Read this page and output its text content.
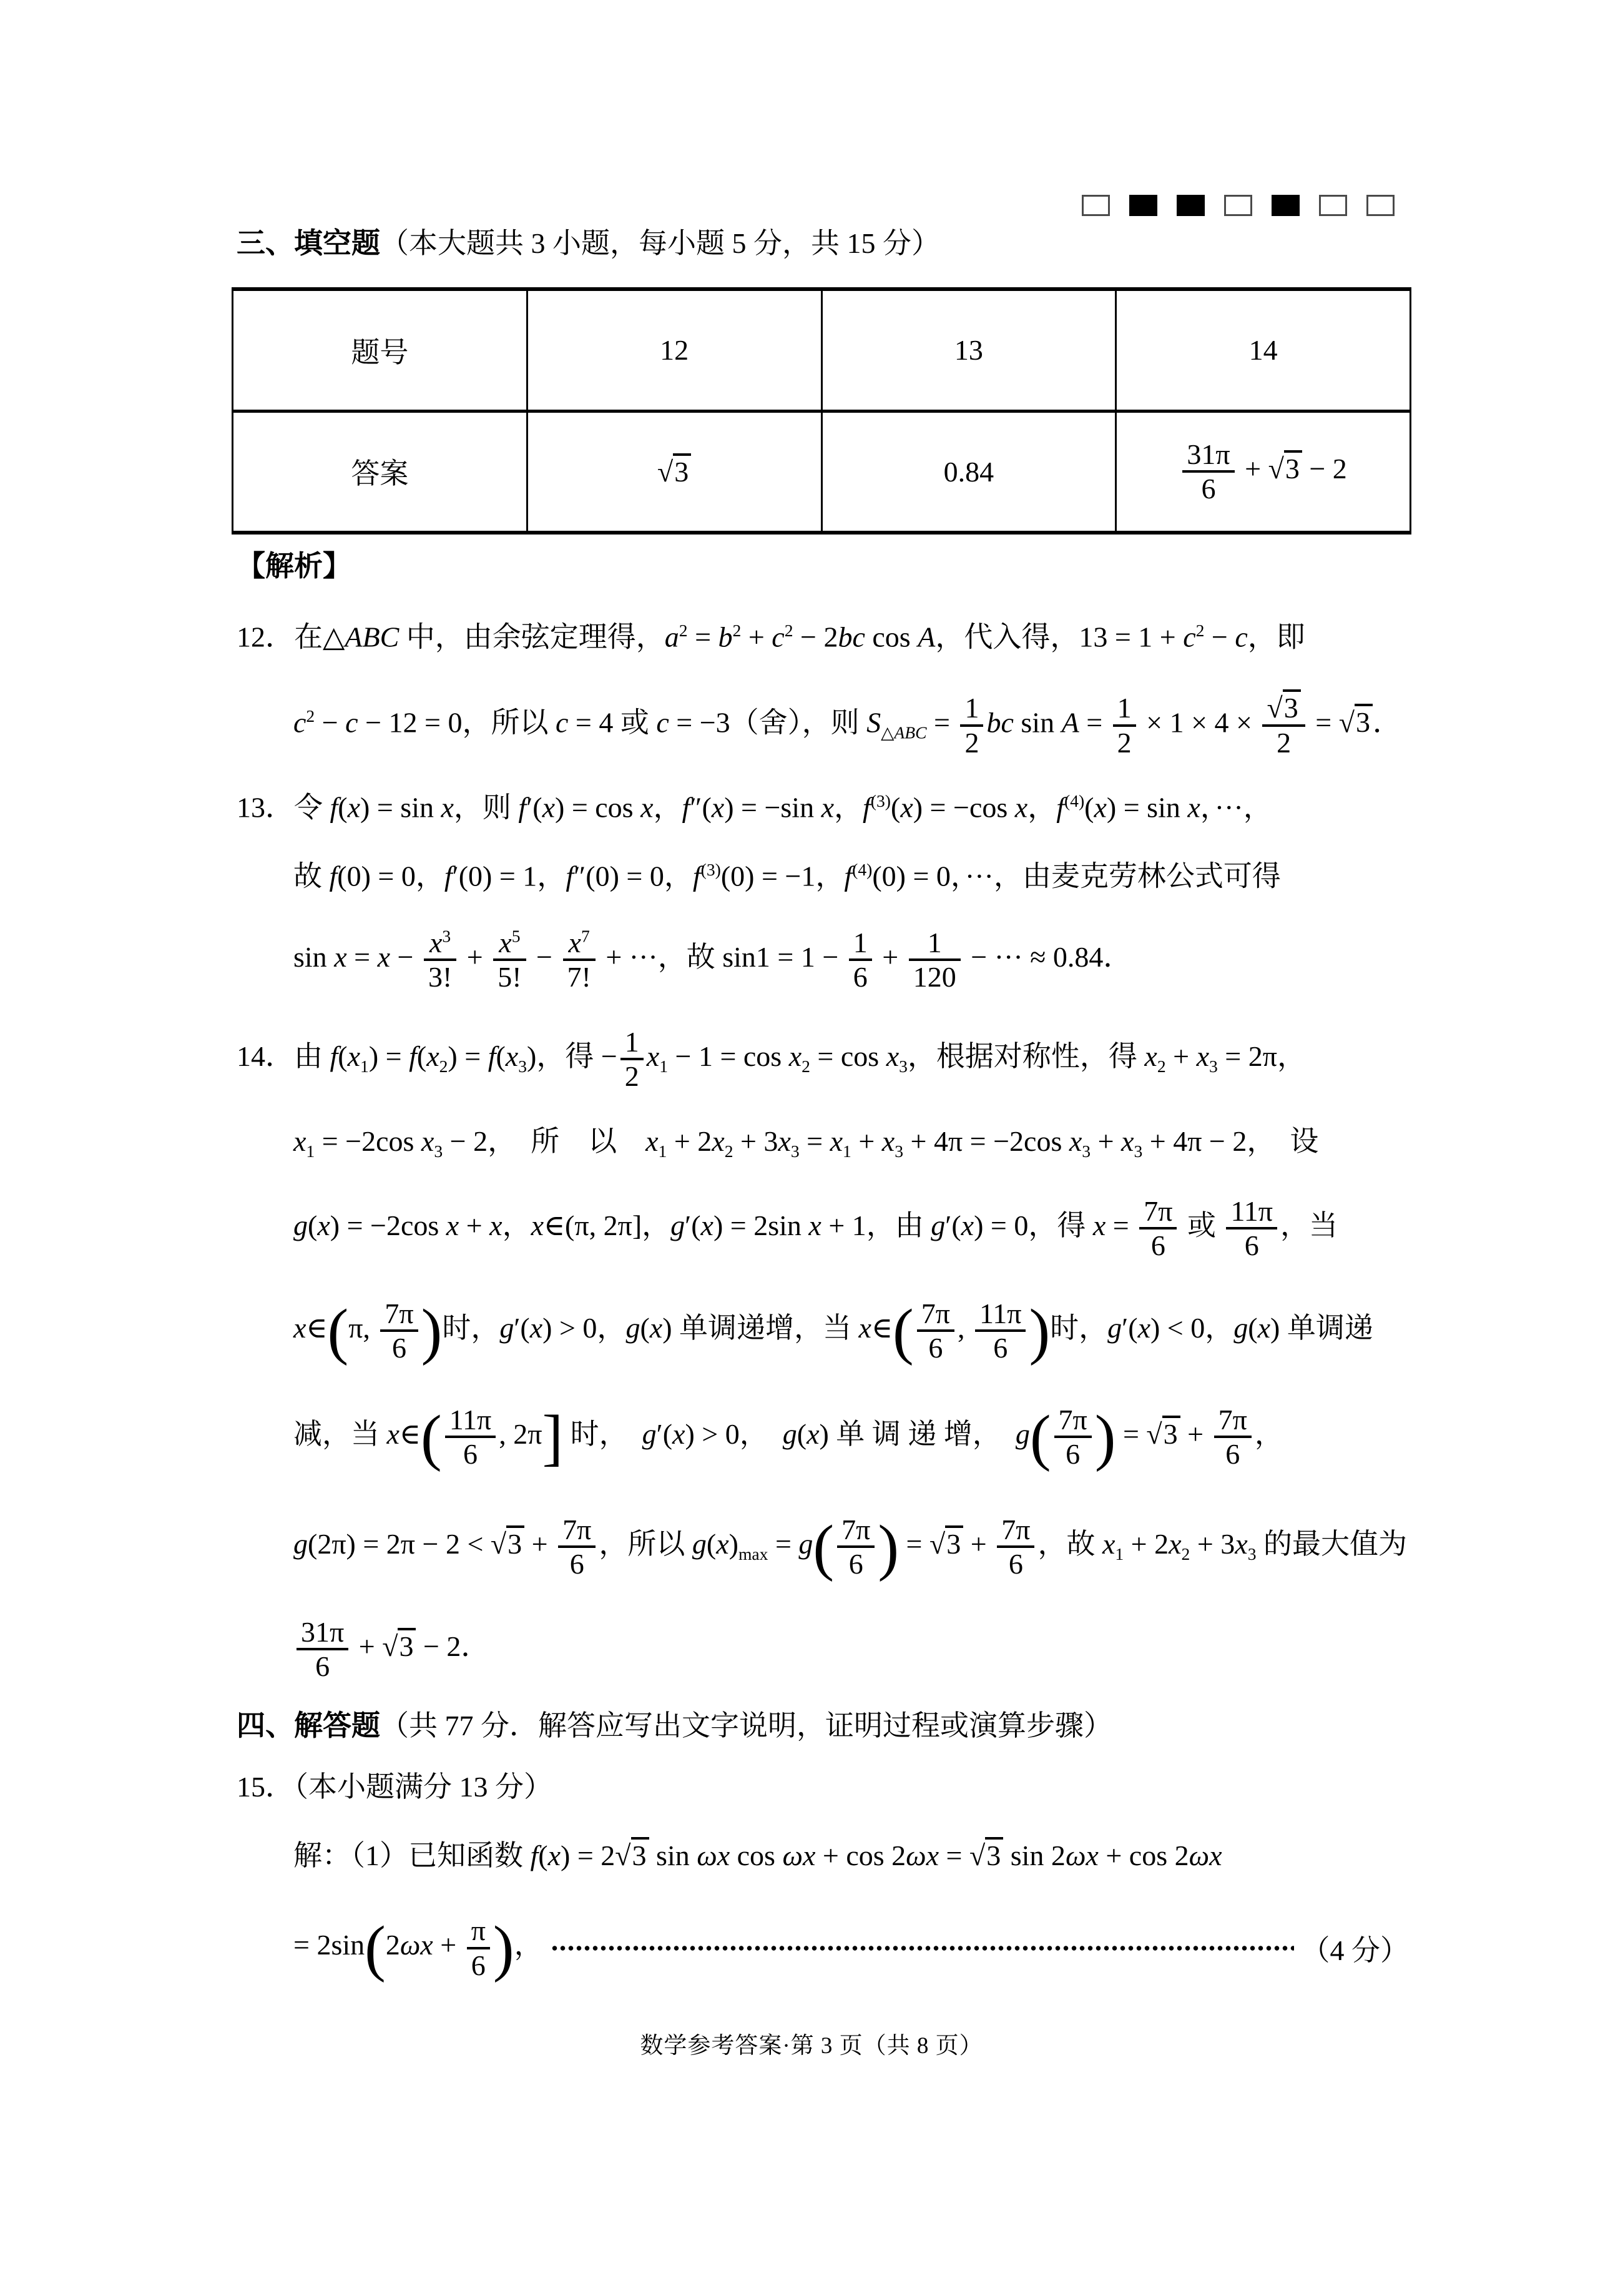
三、填空题（本大题共 3 小题，每小题 5 分，共 15 分）
题号	12	13	14
答案	√3	0.84	$\frac{31\pi}{6} + √3 - 2$
【解析】
12．在△ABC 中，由余弦定理得，$a^2 = b^2 + c^2 - 2bc$ cos A，代入得，$13 = 1 + c^2 - c$，即
$c^2 - c - 12 = 0$，所以 c = 4 或 c = −3（舍），则 $S_{\triangle ABC} = \frac{1}{2}$ bc $\sin A = \frac{1}{2} \times 1 \times 4 \times \frac{√3}{2} = √3$．
13．令 f(x) = sin x，则 f′(x) = cos x，f″(x) = −sin x，$f^{(3)}(x) = -\cos$ x，$f^{(4)}(x) = \sin x$，···，
故 f(0) = 0，f′(0) = 1，f″(0) = 0，$f^{(3)}(0) = -1$，$f^{(4)}(0) = 0$，···，由麦克劳林公式可得
$\sin x = x - \frac{x^3}{3!} + \frac{x^5}{5!} - \frac{x^7}{7!}$ + ···，故 $\sin 1 = 1 - \frac{1}{6} + \frac{1}{120}$ − ··· ≈ 0.84．
14．由 $f(x_1) = f(x_2) = f(x_3)$，得 − $\frac{1}{2} x_1 - 1 = \cos x_2 = \cos x_3$，根据对称性，得 $x_2 + x_3 = 2\pi$，
$x_1 = -2\cos$ $x_3 - 2$，　所　以　$x_1 + 2x_2 + 3x_3 = x_1 + x_3 + 4\pi = -2\cos$ $x_3 + x_3 + 4\pi - 2$，　设
g(x) = −2cos x + x，x∈(π, 2π]，g′(x) = 2sin x + 1，由 g′(x) = 0，得 $x = \frac{7\pi}{6}$ 或 $\frac{11\pi}{6}$ ，当
x∈(π, $\frac{7\pi}{6}$ )时，g′(x) > 0，g(x) 单调递增，当 x∈( $\frac{7\pi}{6}$ , $\frac{11\pi}{6}$ )时，g′(x) < 0，g(x) 单调递
减，当 x∈( $\frac{11\pi}{6}$ , 2π] 时，　g′(x) > 0，　g(x) 单 调 递 增，　$g( \frac{7\pi}{6}$ ) = $√3 + \frac{7\pi}{6}$ ，
$g(2\pi) = 2\pi - 2 < √3 + \frac{7\pi}{6}$ ，所以 $g(x)_{max} = g( \frac{7\pi}{6}$ ) = $√3 + \frac{7\pi}{6}$ ，故 $x_1 + 2x_2 + 3x_3$ 的最大值为
$\frac{31\pi}{6} + √3 - 2$．
四、解答题（共 77 分．解答应写出文字说明，证明过程或演算步骤）
15．（本小题满分 13 分）
解：（1）已知函数 f(x) = 2√3 sin ωx cos ωx + cos 2ωx = √3 sin 2ωx + cos 2ωx
= $2\sin(2\omega x + \frac{\pi}{6}$ )，	（4 分）
数学参考答案·第 3 页（共 8 页）
